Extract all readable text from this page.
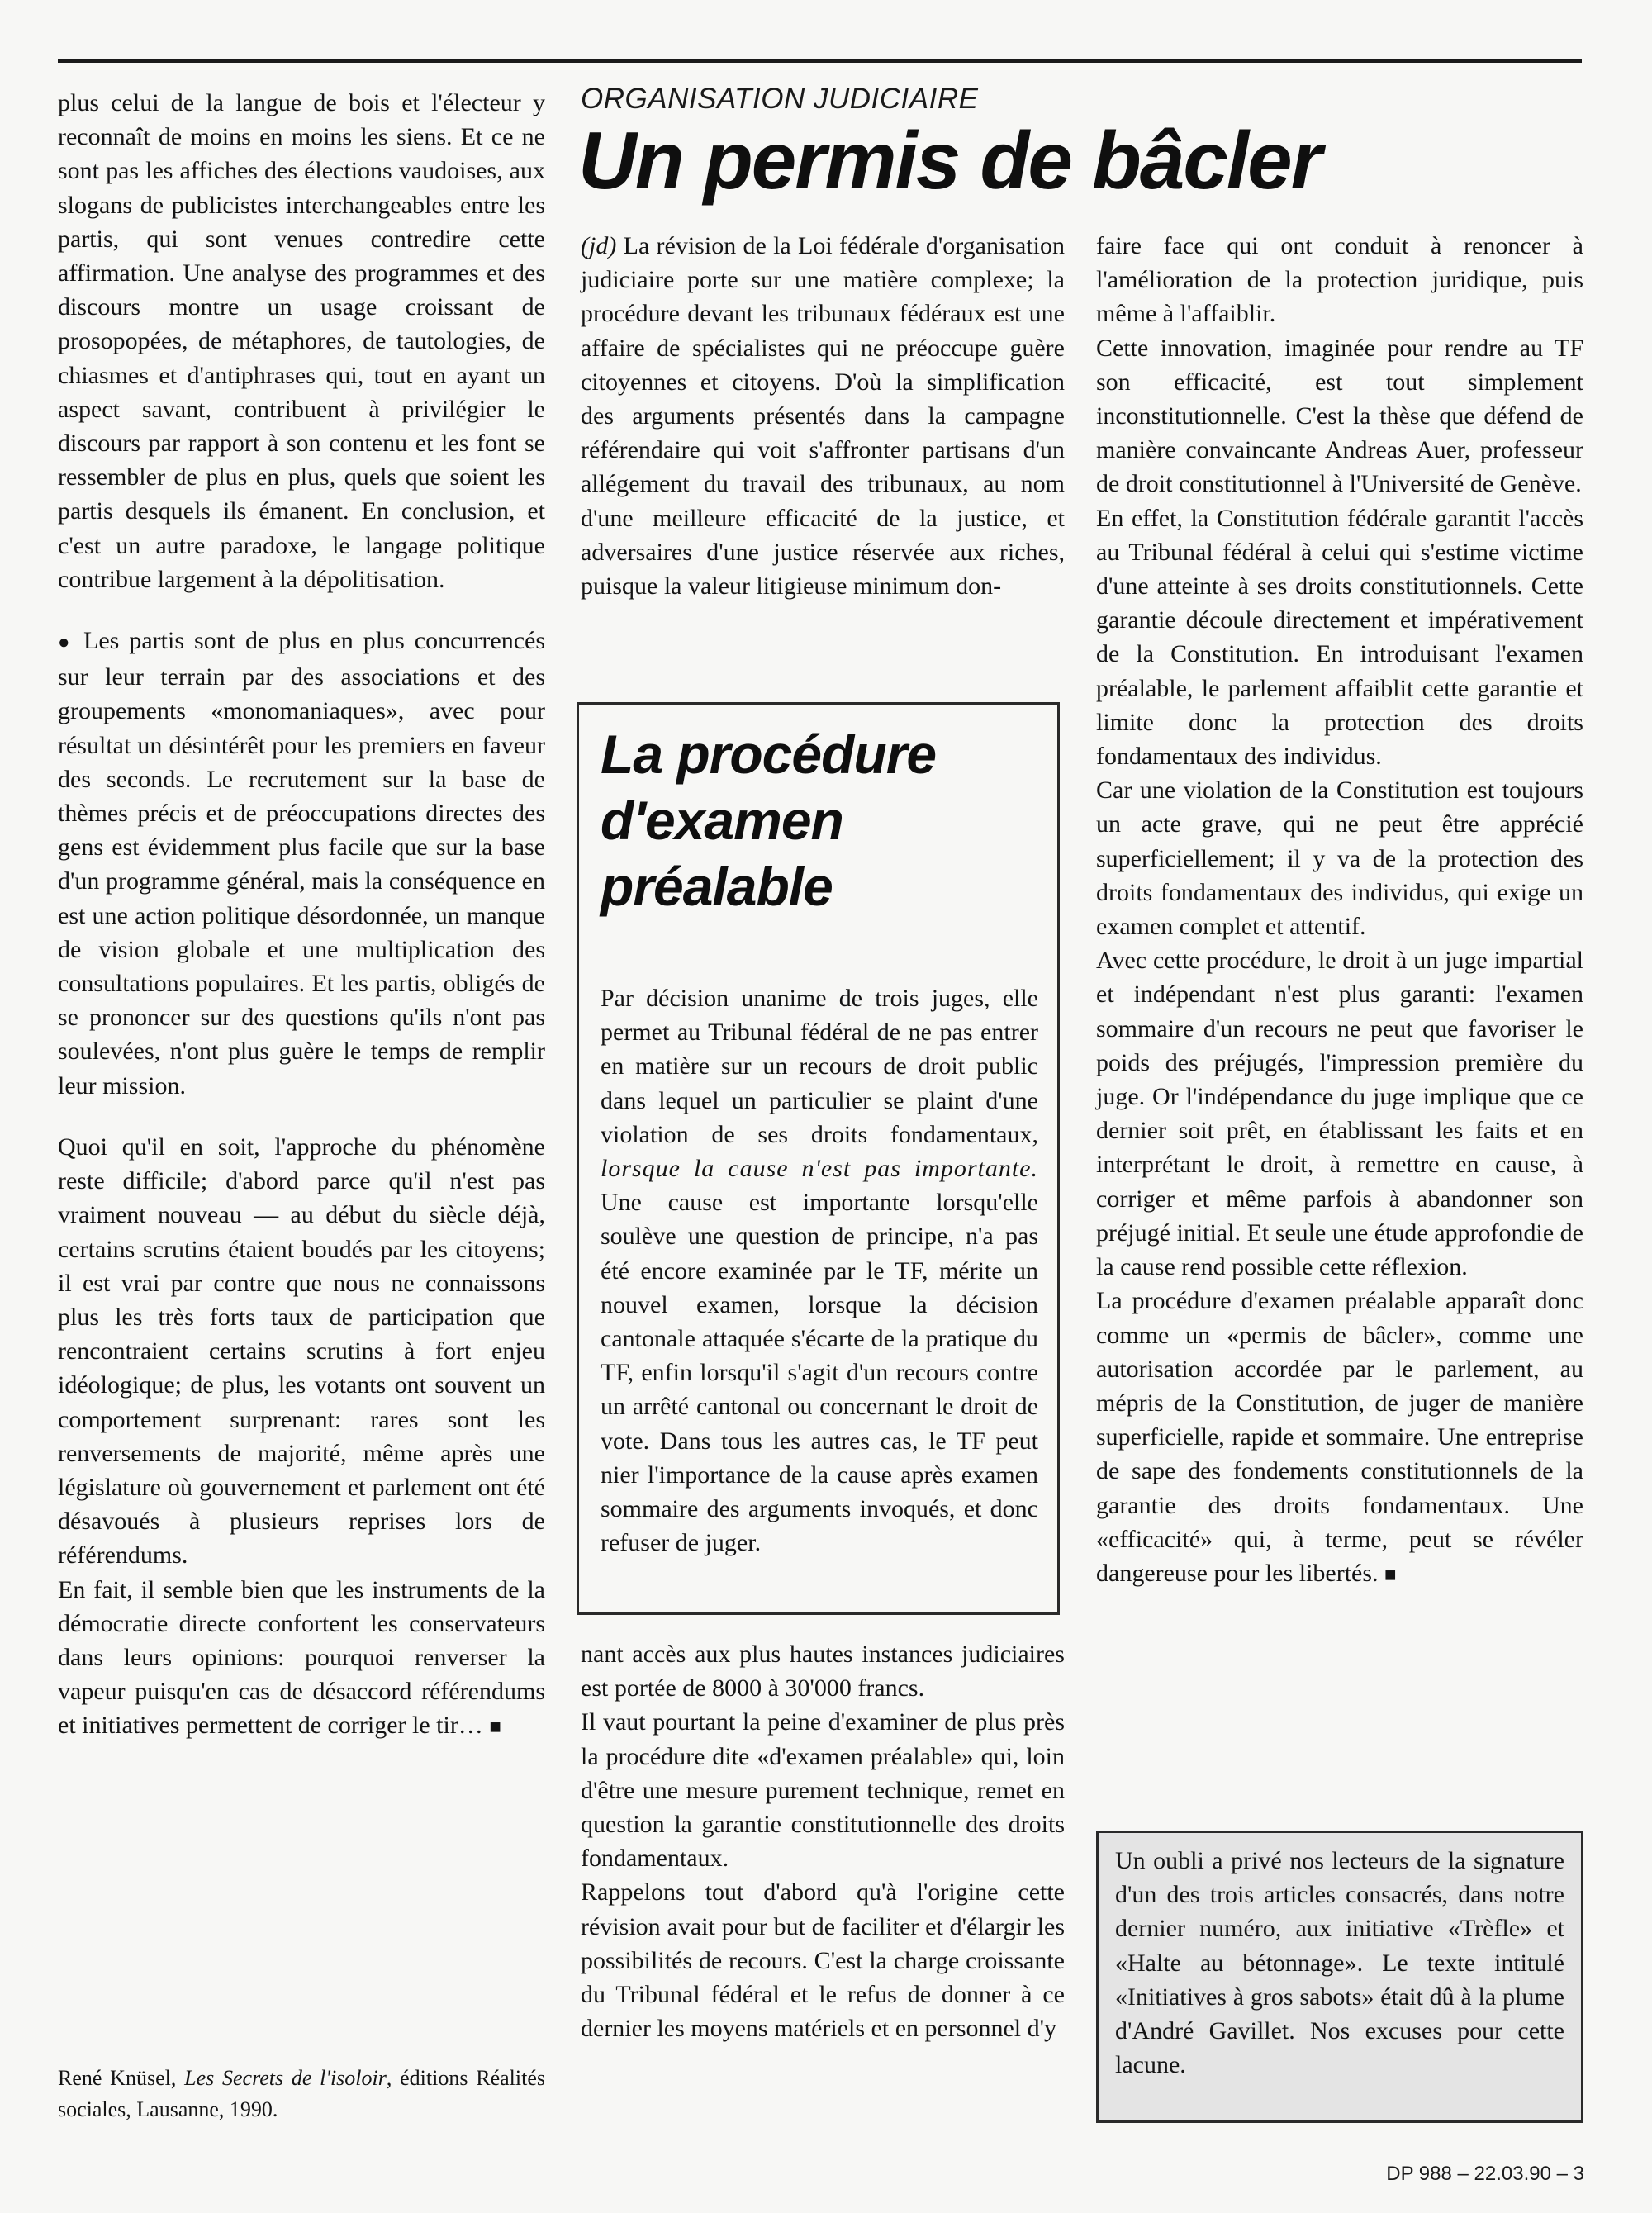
plus celui de la langue de bois et l'électeur y reconnaît de moins en moins les siens. Et ce ne sont pas les affiches des élections vaudoises, aux slogans de publicistes interchangeables entre les partis, qui sont venues contredire cette affirmation. Une analyse des programmes et des discours montre un usage croissant de prosopopées, de métaphores, de tautologies, de chiasmes et d'antiphrases qui, tout en ayant un aspect savant, contribuent à privilégier le discours par rapport à son contenu et les font se ressembler de plus en plus, quels que soient les partis desquels ils émanent. En conclusion, et c'est un autre paradoxe, le langage politique contribue largement à la dépolitisation.

● Les partis sont de plus en plus concurrencés sur leur terrain par des associations et des groupements «monomaniaques», avec pour résultat un désintérêt pour les premiers en faveur des seconds. Le recrutement sur la base de thèmes précis et de préoccupations directes des gens est évidemment plus facile que sur la base d'un programme général, mais la conséquence en est une action politique désordonnée, un manque de vision globale et une multiplication des consultations populaires. Et les partis, obligés de se prononcer sur des questions qu'ils n'ont pas soulevées, n'ont plus guère le temps de remplir leur mission.

Quoi qu'il en soit, l'approche du phénomène reste difficile; d'abord parce qu'il n'est pas vraiment nouveau — au début du siècle déjà, certains scrutins étaient boudés par les citoyens; il est vrai par contre que nous ne connaissons plus les très forts taux de participation que rencontraient certains scrutins à fort enjeu idéologique; de plus, les votants ont souvent un comportement surprenant: rares sont les renversements de majorité, même après une législature où gouvernement et parlement ont été désavoués à plusieurs reprises lors de référendums.

En fait, il semble bien que les instruments de la démocratie directe confortent les conservateurs dans leurs opinions: pourquoi renverser la vapeur puisqu'en cas de désaccord référendums et initiatives permettent de corriger le tir… ■

René Knüsel, Les Secrets de l'isoloir, éditions Réalités sociales, Lausanne, 1990.

ORGANISATION JUDICIAIRE

Un permis de bâcler

(jd) La révision de la Loi fédérale d'organisation judiciaire porte sur une matière complexe; la procédure devant les tribunaux fédéraux est une affaire de spécialistes qui ne préoccupe guère citoyennes et citoyens. D'où la simplification des arguments présentés dans la campagne référendaire qui voit s'affronter partisans d'un allégement du travail des tribunaux, au nom d'une meilleure efficacité de la justice, et adversaires d'une justice réservée aux riches, puisque la valeur litigieuse minimum don-

La procédure d'examen préalable

Par décision unanime de trois juges, elle permet au Tribunal fédéral de ne pas entrer en matière sur un recours de droit public dans lequel un particulier se plaint d'une violation de ses droits fondamentaux, lorsque la cause n'est pas importante. Une cause est importante lorsqu'elle soulève une question de principe, n'a pas été encore examinée par le TF, mérite un nouvel examen, lorsque la décision cantonale attaquée s'écarte de la pratique du TF, enfin lorsqu'il s'agit d'un recours contre un arrêté cantonal ou concernant le droit de vote. Dans tous les autres cas, le TF peut nier l'importance de la cause après examen sommaire des arguments invoqués, et donc refuser de juger.

nant accès aux plus hautes instances judiciaires est portée de 8000 à 30'000 francs.

Il vaut pourtant la peine d'examiner de plus près la procédure dite «d'examen préalable» qui, loin d'être une mesure purement technique, remet en question la garantie constitutionnelle des droits fondamentaux.

Rappelons tout d'abord qu'à l'origine cette révision avait pour but de faciliter et d'élargir les possibilités de recours. C'est la charge croissante du Tribunal fédéral et le refus de donner à ce dernier les moyens matériels et en personnel d'y

faire face qui ont conduit à renoncer à l'amélioration de la protection juridique, puis même à l'affaiblir.

Cette innovation, imaginée pour rendre au TF son efficacité, est tout simplement inconstitutionnelle. C'est la thèse que défend de manière convaincante Andreas Auer, professeur de droit constitutionnel à l'Université de Genève.

En effet, la Constitution fédérale garantit l'accès au Tribunal fédéral à celui qui s'estime victime d'une atteinte à ses droits constitutionnels. Cette garantie découle directement et impérativement de la Constitution. En introduisant l'examen préalable, le parlement affaiblit cette garantie et limite donc la protection des droits fondamentaux des individus.

Car une violation de la Constitution est toujours un acte grave, qui ne peut être apprécié superficiellement; il y va de la protection des droits fondamentaux des individus, qui exige un examen complet et attentif.

Avec cette procédure, le droit à un juge impartial et indépendant n'est plus garanti: l'examen sommaire d'un recours ne peut que favoriser le poids des préjugés, l'impression première du juge. Or l'indépendance du juge implique que ce dernier soit prêt, en établissant les faits et en interprétant le droit, à remettre en cause, à corriger et même parfois à abandonner son préjugé initial. Et seule une étude approfondie de la cause rend possible cette réflexion.

La procédure d'examen préalable apparaît donc comme un «permis de bâcler», comme une autorisation accordée par le parlement, au mépris de la Constitution, de juger de manière superficielle, rapide et sommaire. Une entreprise de sape des fondements constitutionnels de la garantie des droits fondamentaux. Une «efficacité» qui, à terme, peut se révéler dangereuse pour les libertés. ■

Un oubli a privé nos lecteurs de la signature d'un des trois articles consacrés, dans notre dernier numéro, aux initiative «Trèfle» et «Halte au bétonnage». Le texte intitulé «Initiatives à gros sabots» était dû à la plume d'André Gavillet. Nos excuses pour cette lacune.

DP 988 – 22.03.90 – 3
